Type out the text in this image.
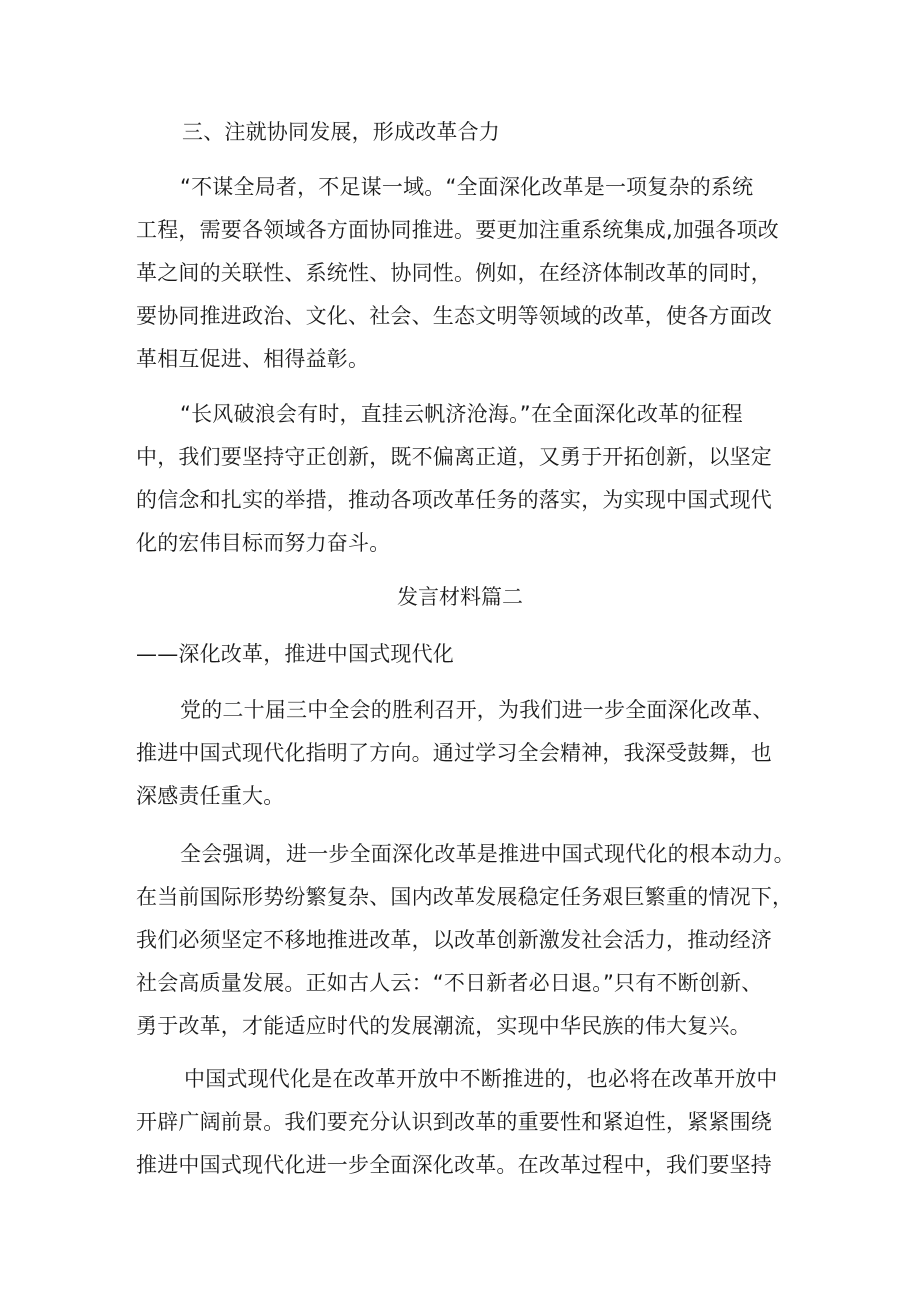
三、注就协同发展，形成改革合力
“不谋全局者，不足谋一域。“全面深化改革是一项复杂的系统
工程，需要各领域各方面协同推进。要更加注重系统集成,加强各项改
革之间的关联性、系统性、协同性。例如，在经济体制改革的同时，
要协同推进政治、文化、社会、生态文明等领域的改革，使各方面改
革相互促进、相得益彰。
“长风破浪会有时，直挂云帆济沧海。”在全面深化改革的征程
中，我们要坚持守正创新，既不偏离正道，又勇于开拓创新，以坚定
的信念和扎实的举措，推动各项改革任务的落实，为实现中国式现代
化的宏伟目标而努力奋斗。
发言材料篇二
——深化改革，推进中国式现代化
党的二十届三中全会的胜利召开，为我们进一步全面深化改革、
推进中国式现代化指明了方向。通过学习全会精神，我深受鼓舞，也
深感责任重大。
全会强调，进一步全面深化改革是推进中国式现代化的根本动力。
在当前国际形势纷繁复杂、国内改革发展稳定任务艰巨繁重的情况下，
我们必须坚定不移地推进改革，以改革创新激发社会活力，推动经济
社会高质量发展。正如古人云：“不日新者必日退。”只有不断创新、
勇于改革，才能适应时代的发展潮流，实现中华民族的伟大复兴。
中国式现代化是在改革开放中不断推进的，也必将在改革开放中
开辟广阔前景。我们要充分认识到改革的重要性和紧迫性，紧紧围绕
推进中国式现代化进一步全面深化改革。在改革过程中，我们要坚持
